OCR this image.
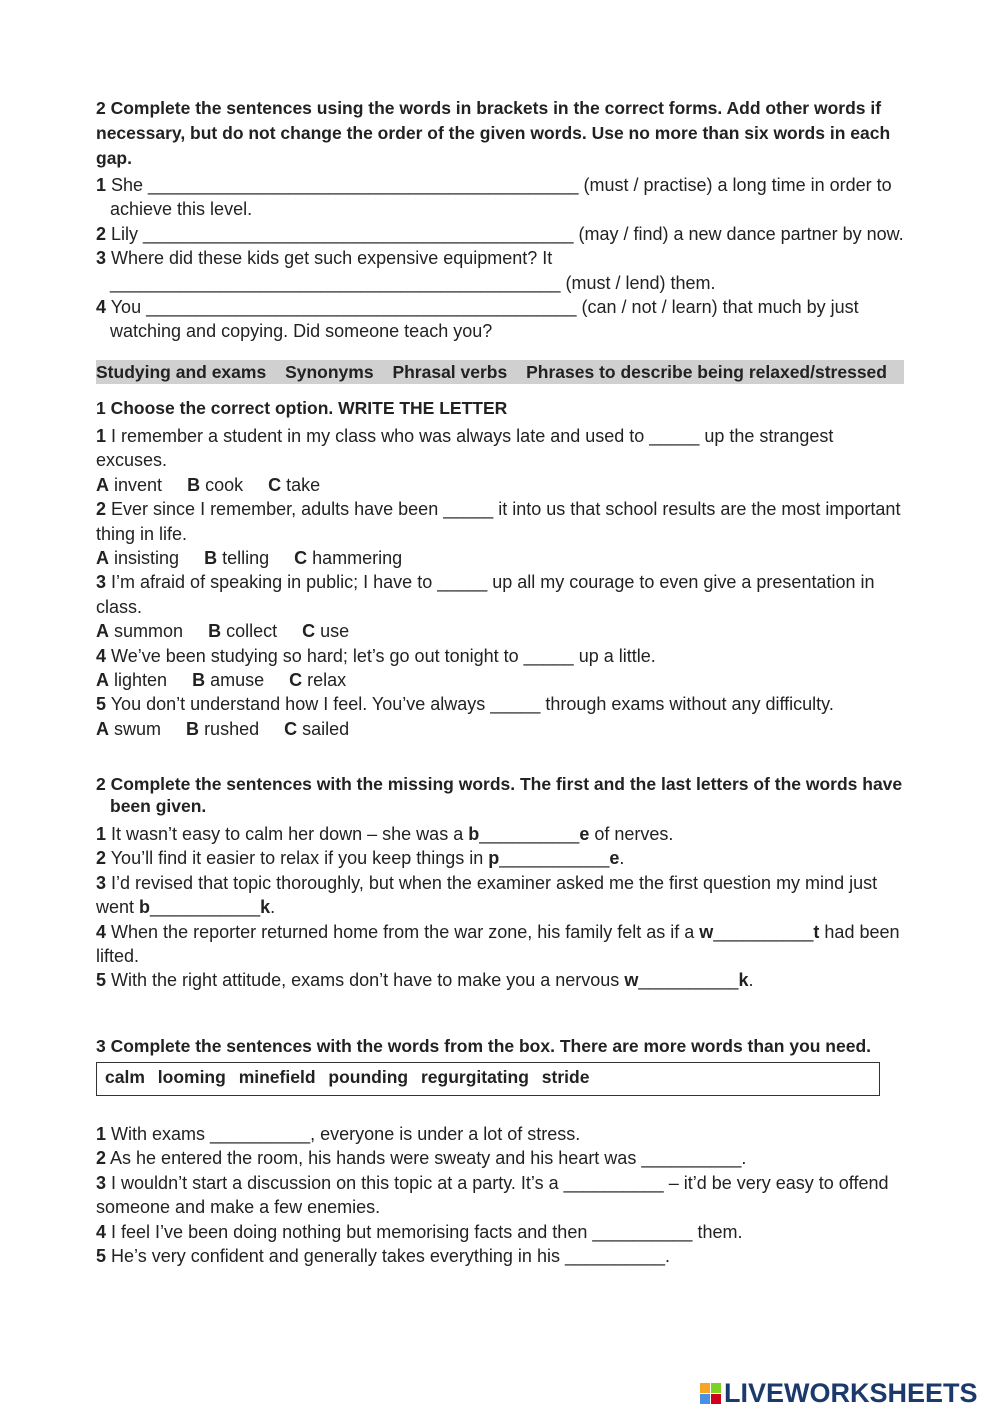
2 Complete the sentences using the words in brackets in the correct forms. Add other words if necessary, but do not change the order of the given words. Use no more than six words in each gap.
1 She ___________________________________________ (must / practise) a long time in order to achieve this level.
2 Lily ___________________________________________ (may / find) a new dance partner by now.
3 Where did these kids get such expensive equipment? It _____________________________________________ (must / lend) them.
4 You ___________________________________________ (can / not / learn) that much by just watching and copying. Did someone teach you?
Studying and exams Synonyms Phrasal verbs Phrases to describe being relaxed/stressed
1 Choose the correct option. WRITE THE LETTER
1 I remember a student in my class who was always late and used to _____ up the strangest excuses.
A invent B cook C take
2 Ever since I remember, adults have been _____ it into us that school results are the most important thing in life.
A insisting B telling C hammering
3 I’m afraid of speaking in public; I have to _____ up all my courage to even give a presentation in class.
A summon B collect C use
4 We’ve been studying so hard; let’s go out tonight to _____ up a little.
A lighten B amuse C relax
5 You don’t understand how I feel. You’ve always _____ through exams without any difficulty.
A swum B rushed C sailed
2 Complete the sentences with the missing words. The first and the last letters of the words have been given.
1 It wasn’t easy to calm her down – she was a b__________e of nerves.
2 You’ll find it easier to relax if you keep things in p___________e.
3 I’d revised that topic thoroughly, but when the examiner asked me the first question my mind just went b___________k.
4 When the reporter returned home from the war zone, his family felt as if a w__________t had been lifted.
5 With the right attitude, exams don’t have to make you a nervous w__________k.
3 Complete the sentences with the words from the box. There are more words than you need.
calm looming minefield pounding regurgitating stride
1 With exams __________, everyone is under a lot of stress.
2 As he entered the room, his hands were sweaty and his heart was __________.
3 I wouldn’t start a discussion on this topic at a party. It’s a __________ – it’d be very easy to offend someone and make a few enemies.
4 I feel I’ve been doing nothing but memorising facts and then __________ them.
5 He’s very confident and generally takes everything in his __________.
LIVEWORKSHEETS
